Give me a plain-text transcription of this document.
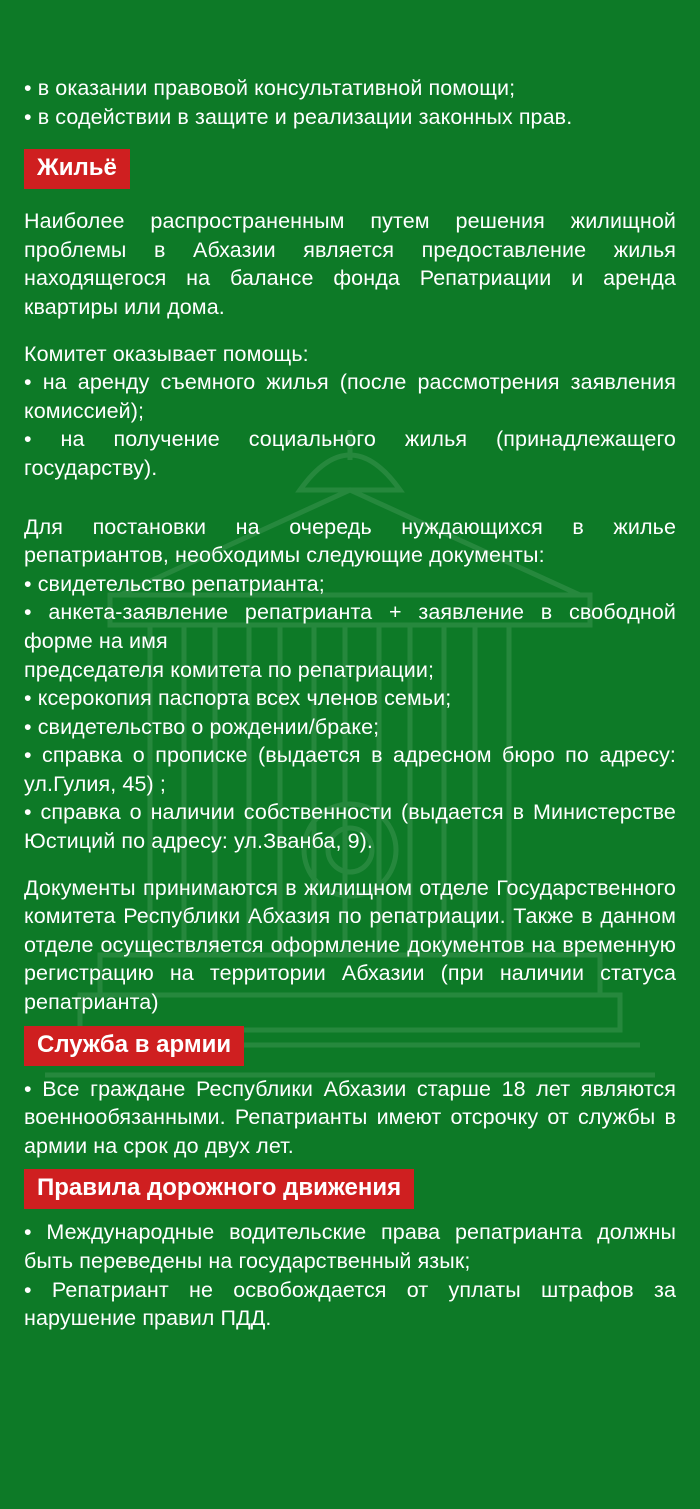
• в оказании правовой консультативной помощи;

• в содействии в защите и реализации законных прав.

Жильё

Наиболее распространенным путем решения жилищной проблемы в Абхазии является предоставление жилья находящегося на балансе фонда Репатриации и аренда квартиры или дома.

Комитет оказывает помощь:

• на аренду съемного жилья (после рассмотрения заявления комиссией);

• на получение социального жилья (принадлежащего государству).

Для постановки на очередь нуждающихся в жилье репатриантов, необходимы следующие документы:

• свидетельство репатрианта;

• анкета-заявление репатрианта + заявление в свободной форме на имя

председателя комитета по репатриации;

• ксерокопия паспорта всех членов семьи;

• свидетельство о рождении/браке;

• справка о прописке (выдается в адресном бюро по адресу: ул.Гулия, 45) ;

• справка о наличии собственности (выдается в Министерстве Юстиций по адресу: ул.Званба, 9).

Документы принимаются в жилищном отделе Государственного комитета Республики Абхазия по репатриации. Также в данном отделе осуществляется оформление документов на временную регистрацию на территории Абхазии (при наличии статуса репатрианта)

Служба в армии

• Все граждане Республики Абхазии старше 18 лет являются военнообязанными. Репатрианты имеют отсрочку от службы в армии на срок до двух лет.

Правила дорожного движения

• Международные водительские права репатрианта должны быть переведены на государственный язык;

• Репатриант не освобождается от уплаты штрафов за нарушение правил ПДД.
